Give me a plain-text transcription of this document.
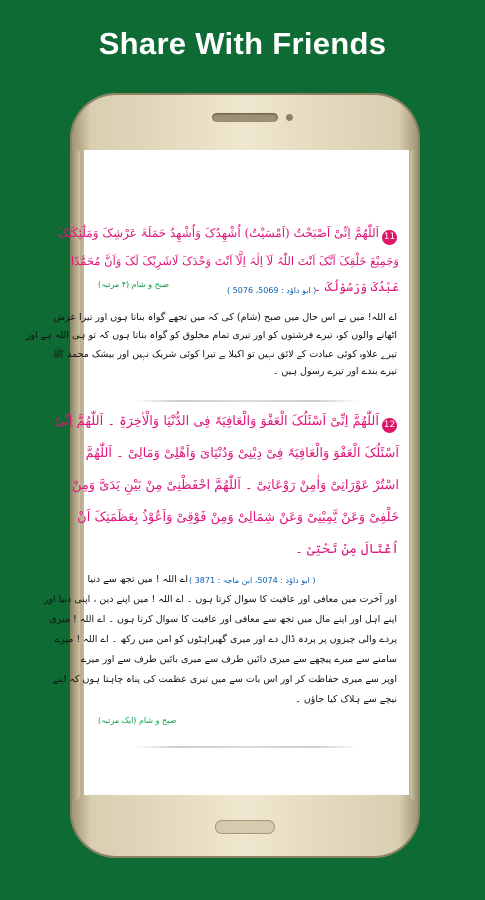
Share With Friends
11
اَللّٰھُمَّ اِنِّیْ اَصْبَحْتُ (اَمْسَیْتُ) اُشْھِدُکَ وَاُشْھِدُ حَمَلَۃَ عَرْشِکَ وَمَلٰٓئِکَتَکَ
وَجَمِیْعَ خَلْقِکَ اَنَّکَ اَنْتَ اللّٰہُ لَآ اِلٰہَ اِلَّآ اَنْتَ وَحْدَکَ لَاشَرِیْکَ لَکَ وَاَنَّ مُحَمَّدًا
عَبْدُکَ وَرَسُوْلُکَ ۔
( ابو داؤد : 5069، 5076 )
صبح و شام (۴ مرتبہ)
اے اللہ! میں نے اس حال میں صبح (شام) کی کہ میں تجھے گواہ بناتا ہوں اور تیرا عرش
اٹھانے والوں کو، تیرے فرشتوں کو اور تیری تمام مخلوق کو گواہ بناتا ہوں کہ تو ہی اللہ ہے اور
تیرے علاوہ کوئی عبادت کے لائق نہیں تو اکیلا ہے تیرا کوئی شریک نہیں اور بیشک محمد ﷺ
تیرے بندے اور تیرے رسول ہیں ۔
12
اَللّٰھُمَّ اِنِّیْ اَسْئَلُکَ الْعَفْوَ وَالْعَافِیَۃَ فِی الدُّنْیَا وَالْاٰخِرَۃِ ۔ اَللّٰھُمَّ اِنِّیْ
اَسْئَلُکَ الْعَفْوَ وَالْعَافِیَۃَ فِیْ دِیْنِیْ وَدُنْیَایَ وَاَھْلِیْ وَمَالِیْ ۔ اَللّٰھُمَّ
اسْتُرْ عَوْرَاتِیْ وَاٰمِنْ رَوْعَاتِیْ ۔ اَللّٰھُمَّ احْفَظْنِیْ مِنْ بَیْنِ یَدَیَّ وَمِنْ
خَلْفِیْ وَعَنْ یَّمِیْنِیْ وَعَنْ شِمَالِیْ وَمِنْ فَوْقِیْ وَاَعُوْذُ بِعَظَمَتِکَ اَنْ
اُغْتَالَ مِنْ تَحْتِیْ ۔
( ابو داؤد : 5074، ابن ماجہ : 3871 )
اے اللہ ! میں تجھ سے دنیا
اور آخرت میں معافی اور عافیت کا سوال کرتا ہوں ۔ اے اللہ ! میں اپنے دین ، اپنی دنیا اور
اپنے اہل اور اپنے مال میں تجھ سے معافی اور عافیت کا سوال کرتا ہوں ۔ اے اللہ ! میری
پردے والی چیزوں پر پردہ ڈال دے اور میری گھبراہٹوں کو امن میں رکھ ۔ اے اللہ ! میرے
سامنے سے میرے پیچھے سے میری دائیں طرف سے میری بائیں طرف سے اور میرے
اوپر سے میری حفاظت کر اور اس بات سے میں تیری عظمت کی پناہ چاہتا ہوں کہ اپنے
نیچے سے ہلاک کیا جاؤں ۔
صبح و شام (ایک مرتبہ)
